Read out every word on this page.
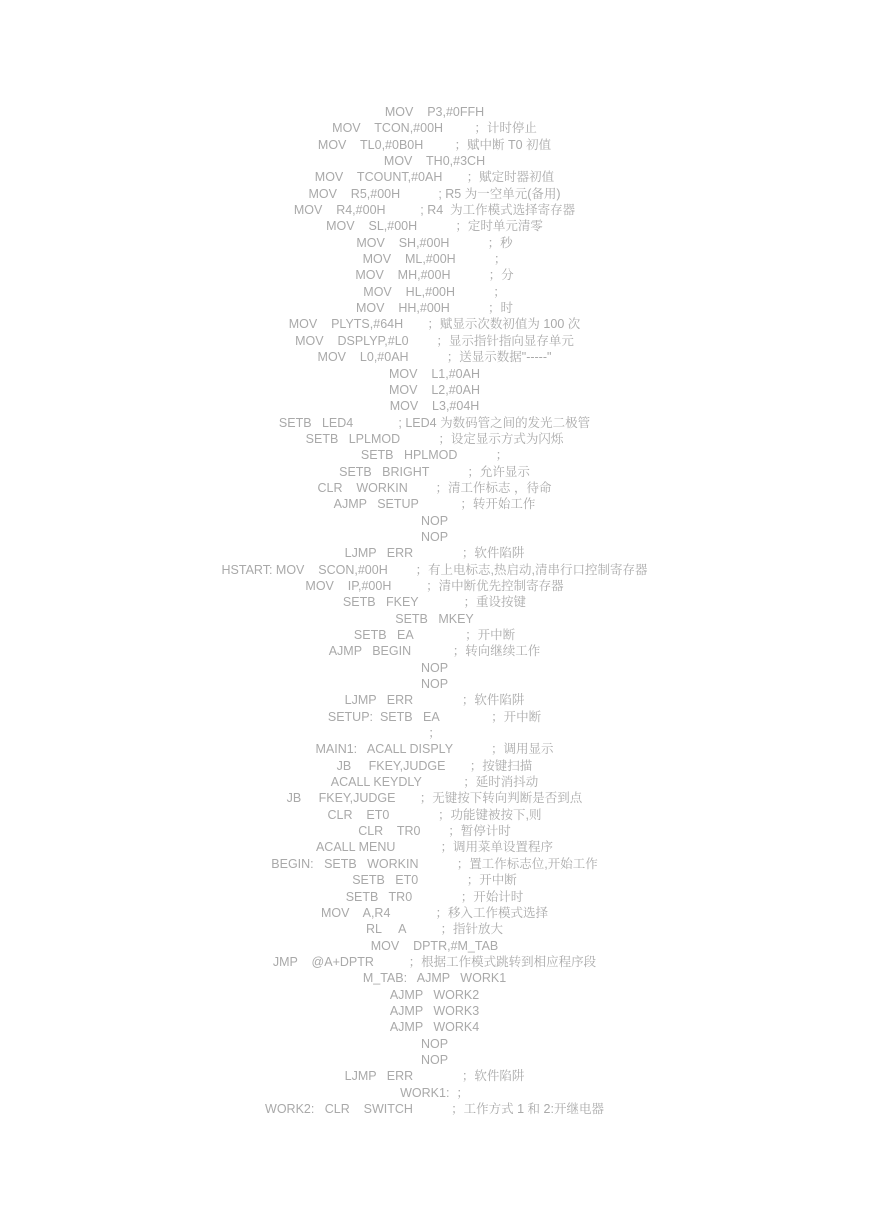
MOV    P3,#0FFH
MOV    TCON,#00H         ；计时停止
MOV    TL0,#0B0H         ；赋中断 T0 初值
MOV    TH0,#3CH
MOV    TCOUNT,#0AH       ；赋定时器初值
MOV    R5,#00H           ; R5 为一空单元(备用)
MOV    R4,#00H          ; R4  为工作模式选择寄存器
MOV    SL,#00H           ；定时单元清零
MOV    SH,#00H           ；秒
MOV    ML,#00H           ；
MOV    MH,#00H           ；分
MOV    HL,#00H           ；
MOV    HH,#00H           ；时
MOV    PLYTS,#64H       ；赋显示次数初值为 100 次
MOV    DSPLYP,#L0        ；显示指针指向显存单元
MOV    L0,#0AH           ；送显示数据"-----"
MOV    L1,#0AH
MOV    L2,#0AH
MOV    L3,#04H
SETB   LED4             ; LED4 为数码管之间的发光二极管
SETB   LPLMOD           ；设定显示方式为闪烁
SETB   HPLMOD           ；
SETB   BRIGHT           ；允许显示
CLR    WORKIN        ；清工作标志 ，待命
AJMP   SETUP            ；转开始工作
NOP
NOP
LJMP   ERR              ；软件陷阱
HSTART: MOV    SCON,#00H        ；有上电标志,热启动,清串行口控制寄存器
MOV    IP,#00H          ；清中断优先控制寄存器
SETB   FKEY             ；重设按键
SETB   MKEY
SETB   EA               ；开中断
AJMP   BEGIN            ；转向继续工作
NOP
NOP
LJMP   ERR              ；软件陷阱
SETUP:  SETB   EA               ；开中断
；
MAIN1:   ACALL DISPLY           ；调用显示
JB     FKEY,JUDGE       ；按键扫描
ACALL KEYDLY            ；延时消抖动
JB     FKEY,JUDGE       ；无键按下转向判断是否到点
CLR    ET0              ；功能键被按下,则
CLR    TR0        ；暂停计时
ACALL MENU             ；调用菜单设置程序
BEGIN:   SETB   WORKIN           ；置工作标志位,开始工作
SETB   ET0              ；开中断
SETB   TR0              ；开始计时
MOV    A,R4             ；移入工作模式选择
RL     A          ；指针放大
MOV    DPTR,#M_TAB
JMP    @A+DPTR          ；根据工作模式跳转到相应程序段
M_TAB:   AJMP   WORK1
AJMP   WORK2
AJMP   WORK3
AJMP   WORK4
NOP
NOP
LJMP   ERR              ；软件陷阱
WORK1:  ；
WORK2:   CLR    SWITCH           ；工作方式 1 和 2:开继电器
